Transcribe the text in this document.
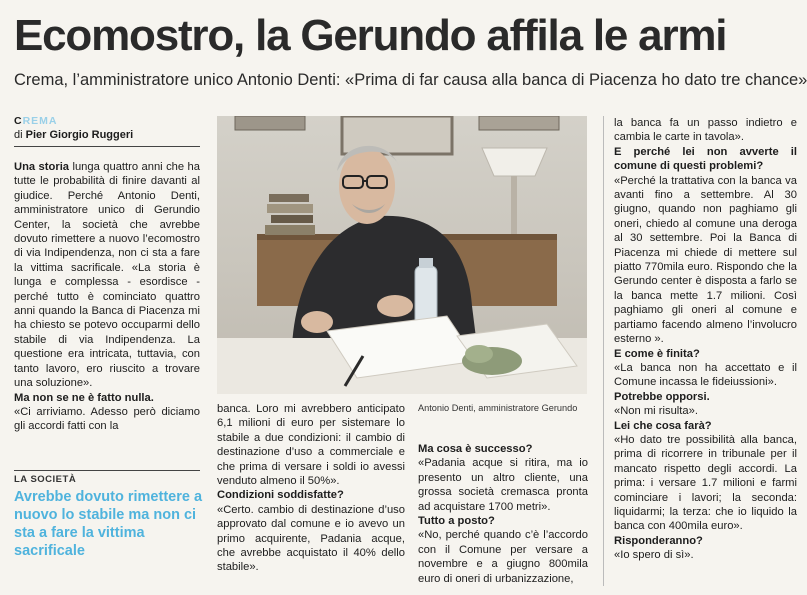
Ecomostro, la Gerundo affila le armi
Crema, l’amministratore unico Antonio Denti: «Prima di far causa alla banca di Piacenza ho dato tre chance»
CREMA
di Pier Giorgio Ruggeri

Una storia lunga quattro anni che ha tutte le probabilità di finire davanti al giudice. Perché Antonio Denti, amministratore unico di Gerundio Center, la società che avrebbe dovuto rimettere a nuovo l’ecomostro di via Indipendenza, non ci sta a fare la vittima sacrificale. «La storia è lunga e complessa - esordisce - perché tutto è cominciato quattro anni quando la Banca di Piacenza mi ha chiesto se potevo occuparmi dello stabile di via Indipendenza. La questione era intricata, tuttavia, con tanto lavoro, ero riuscito a trovare una soluzione».

Ma non se ne è fatto nulla.

«Ci arriviamo. Adesso però diciamo gli accordi fatti con la

LA SOCIETÀ
Avrebbe dovuto rimettere a nuovo lo stabile ma non ci sta a fare la vittima sacrificale
Antonio Denti, amministratore Gerundo

banca. Loro mi avrebbero anticipato 6,1 milioni di euro per sistemare lo stabile a due condizioni: il cambio di destinazione d’uso a commerciale e che prima di versare i soldi io avessi venduto almeno il 50%».

Condizioni soddisfatte?

«Certo. cambio di destinazione d’uso approvato dal comune e io avevo un primo acquirente, Padania acque, che avrebbe acquistato il 40% dello stabile».

Ma cosa è successo?

«Padania acque si ritira, ma io presento un altro cliente, una grossa società cremasca pronta ad acquistare 1700 metri».

Tutto a posto?

«No, perché quando c’è l’accordo con il Comune per versare a novembre e a giugno 800mila euro di oneri di urbanizzazione,

la banca fa un passo indietro e cambia le carte in tavola».

E perché lei non avverte il comune di questi problemi?

«Perché la trattativa con la banca va avanti fino a settembre. Al 30 giugno, quando non paghiamo gli oneri, chiedo al comune una deroga al 30 settembre. Poi la Banca di Piacenza mi chiede di mettere sul piatto 770mila euro. Rispondo che la Gerundo center è disposta a farlo se la banca mette 1.7 milioni. Così paghiamo gli oneri al comune e partiamo facendo almeno l’involucro esterno ».

E come è finita?

«La banca non ha accettato e il Comune incassa le fideiussioni».

Potrebbe opporsi.

«Non mi risulta».

Lei che cosa farà?

«Ho dato tre possibilità alla banca, prima di ricorrere in tribunale per il mancato rispetto degli accordi. La prima: i versare 1.7 milioni e farmi cominciare i lavori; la seconda: liquidarmi; la terza: che io liquido la banca con 400mila euro».

Risponderanno?

«Io spero di sì».
